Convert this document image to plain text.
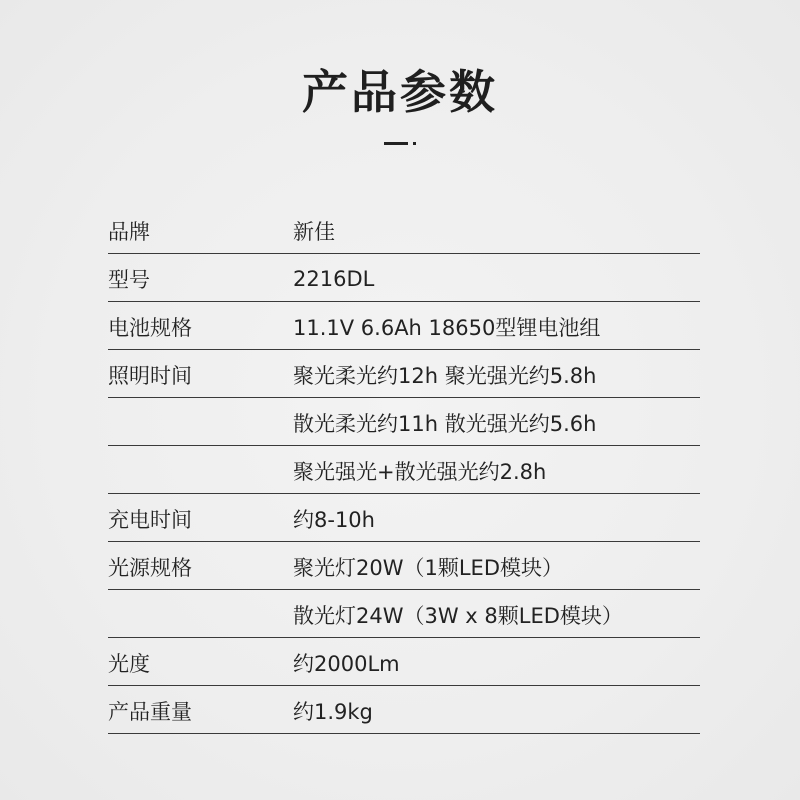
产品参数
品牌	新佳
型号	2216DL
电池规格	11.1V 6.6Ah 18650型锂电池组
照明时间	聚光柔光约12h 聚光强光约5.8h
散光柔光约11h 散光强光约5.6h
聚光强光+散光强光约2.8h
充电时间	约8-10h
光源规格	聚光灯20W（1颗LED模块）
散光灯24W（3W x 8颗LED模块）
光度	约2000Lm
产品重量	约1.9kg
